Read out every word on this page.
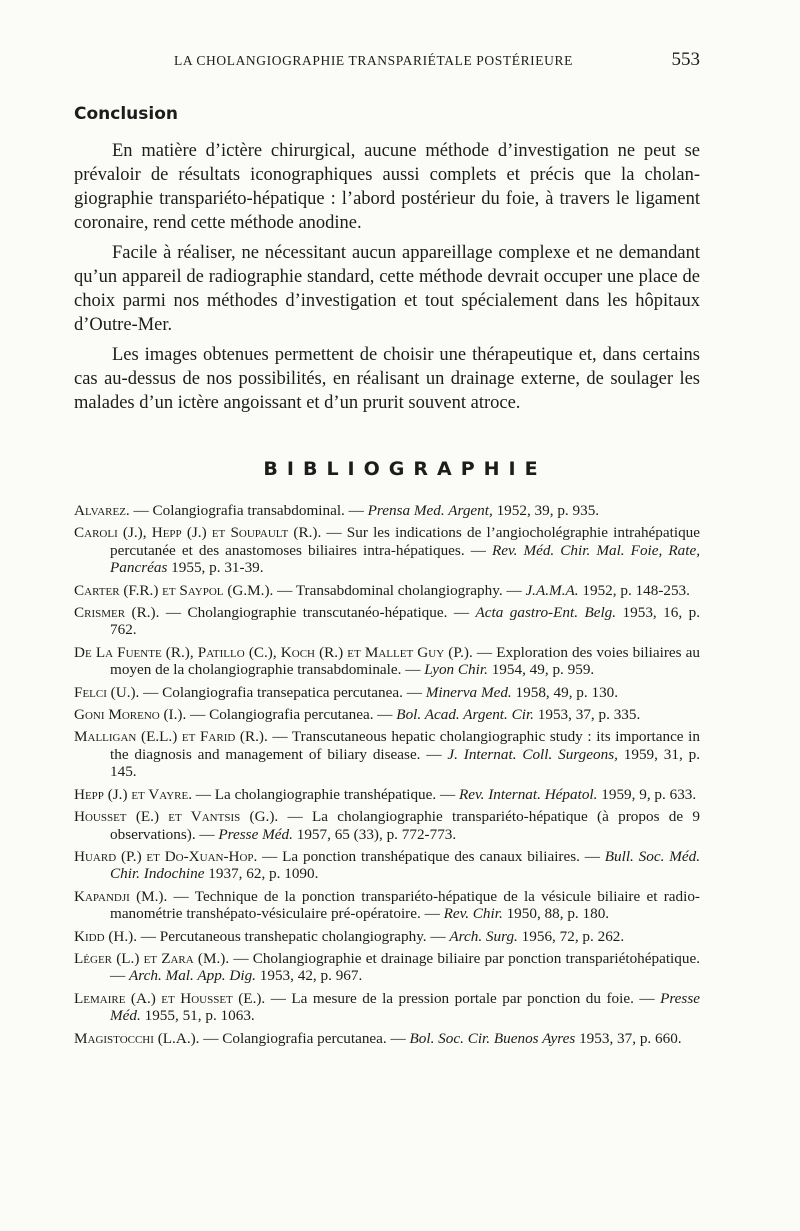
LA CHOLANGIOGRAPHIE TRANSPARIÉTALE POSTÉRIEURE	553
Conclusion

En matière d’ictère chirurgical, aucune méthode d’investigation ne peut se prévaloir de résultats iconographiques aussi complets et précis que la cholangiographie transpariéto-hépatique : l’abord postérieur du foie, à travers le ligament coronaire, rend cette méthode anodine.

Facile à réaliser, ne nécessitant aucun appareillage complexe et ne demandant qu’un appareil de radiographie standard, cette méthode devrait occuper une place de choix parmi nos méthodes d’investigation et tout spécialement dans les hôpitaux d’Outre-Mer.

Les images obtenues permettent de choisir une thérapeutique et, dans certains cas au-dessus de nos possibilités, en réalisant un drainage externe, de soulager les malades d’un ictère angoissant et d’un prurit souvent atroce.

BIBLIOGRAPHIE
Alvarez. — Colangiografia transabdominal. — Prensa Med. Argent, 1952, 39, p. 935.
Caroli (J.), Hepp (J.) et Soupault (R.). — Sur les indications de l’angiocholégraphie intrahépatique percutanée et des anastomoses biliaires intra-hépatiques. — Rev. Méd. Chir. Mal. Foie, Rate, Pancréas 1955, p. 31-39.
Carter (F.R.) et Saypol (G.M.). — Transabdominal cholangiography. — J.A.M.A. 1952, p. 148-253.
Crismer (R.). — Cholangiographie transcutanéo-hépatique. — Acta gastro-Ent. Belg. 1953, 16, p. 762.
De La Fuente (R.), Patillo (C.), Koch (R.) et Mallet Guy (P.). — Exploration des voies biliaires au moyen de la cholangiographie transabdominale. — Lyon Chir. 1954, 49, p. 959.
Felci (U.). — Colangiografia transepatica percutanea. — Minerva Med. 1958, 49, p. 130.
Goni Moreno (I.). — Colangiografia percutanea. — Bol. Acad. Argent. Cir. 1953, 37, p. 335.
Malligan (E.L.) et Farid (R.). — Transcutaneous hepatic cholangiographic study : its importance in the diagnosis and management of biliary disease. — J. Internat. Coll. Surgeons, 1959, 31, p. 145.
Hepp (J.) et Vayre. — La cholangiographie transhépatique. — Rev. Internat. Hépatol. 1959, 9, p. 633.
Housset (E.) et Vantsis (G.). — La cholangiographie transpariéto-hépatique (à propos de 9 observations). — Presse Méd. 1957, 65 (33), p. 772-773.
Huard (P.) et Do-Xuan-Hop. — La ponction transhépatique des canaux biliaires. — Bull. Soc. Méd. Chir. Indochine 1937, 62, p. 1090.
Kapandji (M.). — Technique de la ponction transpariéto-hépatique de la vésicule biliaire et radio-manométrie transhépato-vésiculaire pré-opératoire. — Rev. Chir. 1950, 88, p. 180.
Kidd (H.). — Percutaneous transhepatic cholangiography. — Arch. Surg. 1956, 72, p. 262.
Léger (L.) et Zara (M.). — Cholangiographie et drainage biliaire par ponction transpariétohépatique. — Arch. Mal. App. Dig. 1953, 42, p. 967.
Lemaire (A.) et Housset (E.). — La mesure de la pression portale par ponction du foie. — Presse Méd. 1955, 51, p. 1063.
Magistocchi (L.A.). — Colangiografia percutanea. — Bol. Soc. Cir. Buenos Ayres 1953, 37, p. 660.
